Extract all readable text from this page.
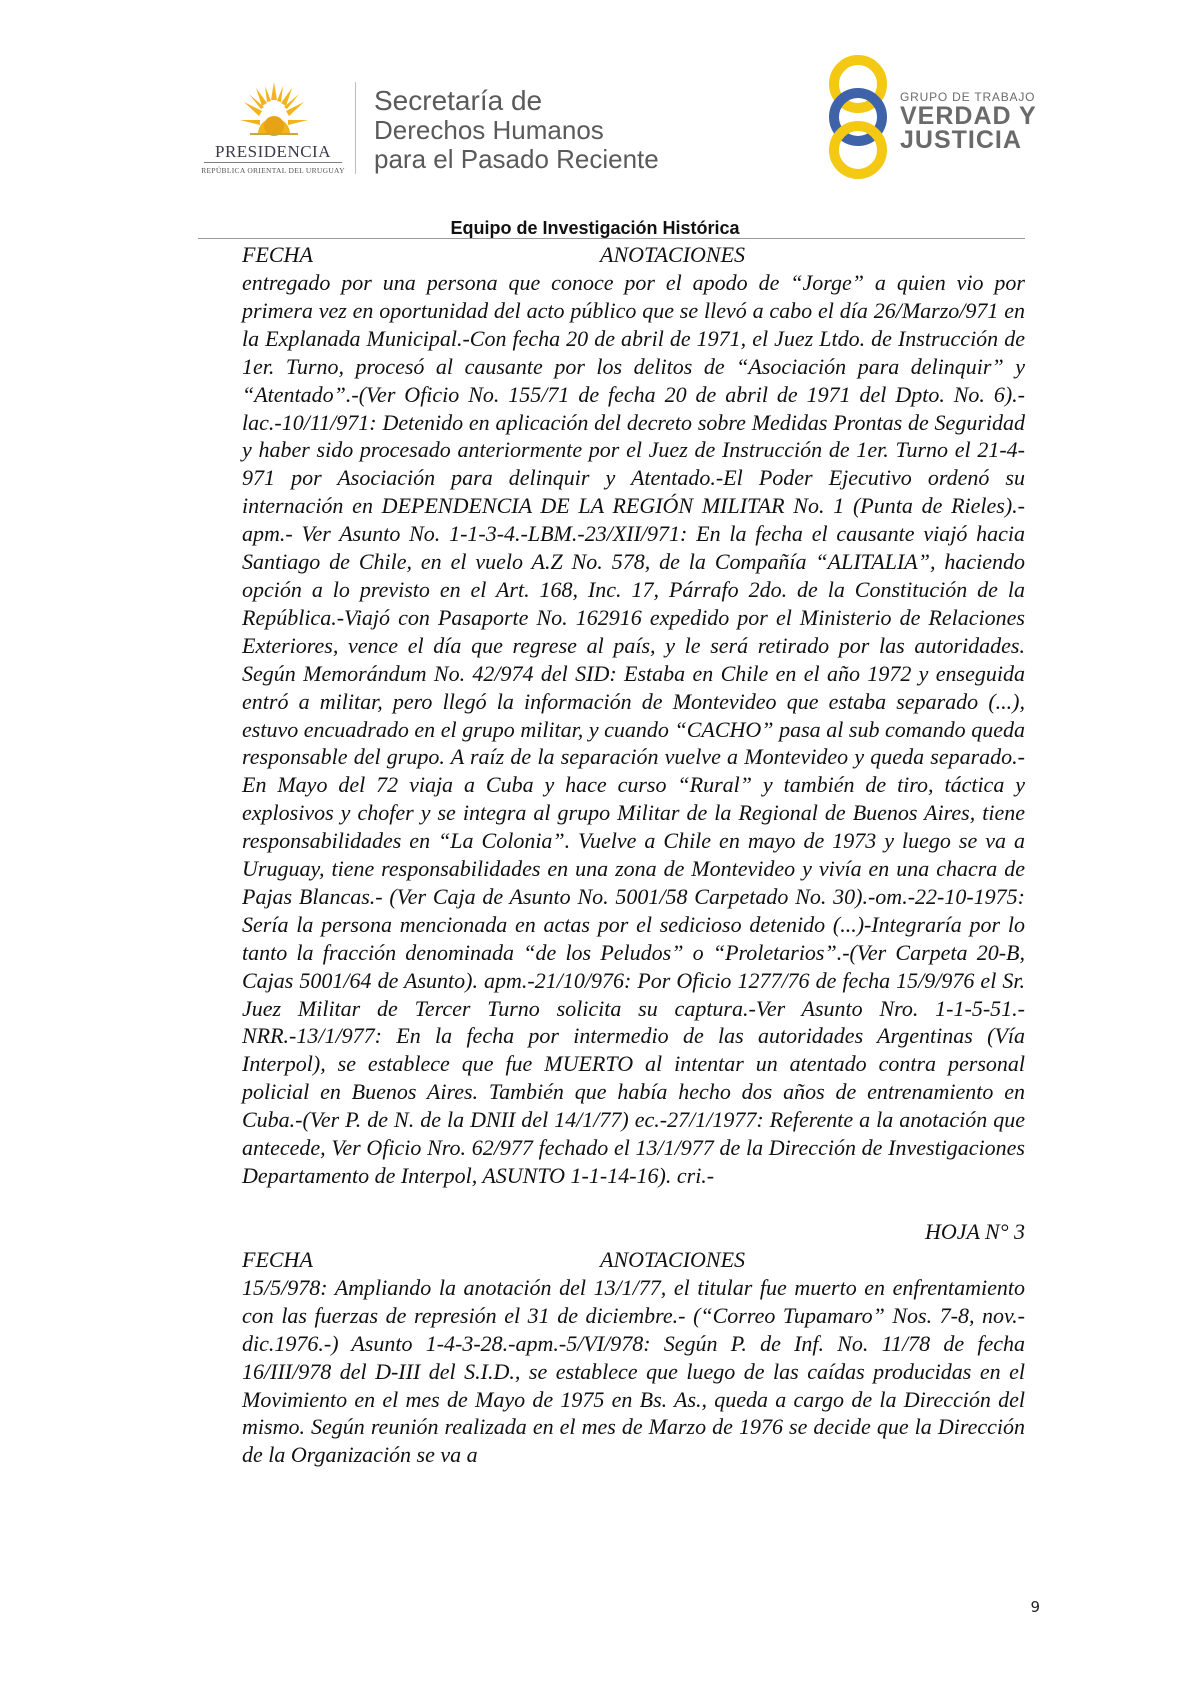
PRESIDENCIA
REPÚBLICA ORIENTAL DEL URUGUAY
Secretaría de
Derechos Humanos
para el Pasado Reciente
GRUPO DE TRABAJO
VERDAD Y
JUSTICIA
Equipo de Investigación Histórica
FECHA	ANOTACIONES

entregado por una persona que conoce por el apodo de “Jorge” a quien vio por primera vez en oportunidad del acto público que se llevó a cabo el día 26/Marzo/971 en la Explanada Municipal.-Con fecha 20 de abril de 1971, el Juez Ltdo. de Instrucción de 1er. Turno, procesó al causante por los delitos de “Asociación para delinquir” y “Atentado”.-(Ver Oficio No. 155/71 de fecha 20 de abril de 1971 del Dpto. No. 6).-lac.-10/11/971: Detenido en aplicación del decreto sobre Medidas Prontas de Seguridad y haber sido procesado anteriormente por el Juez de Instrucción de 1er. Turno el 21-4-971 por Asociación para delinquir y Atentado.-El Poder Ejecutivo ordenó su internación en DEPENDENCIA DE LA REGIÓN MILITAR No. 1 (Punta de Rieles).-apm.- Ver Asunto No. 1-1-3-4.-LBM.-23/XII/971: En la fecha el causante viajó hacia Santiago de Chile, en el vuelo A.Z No. 578, de la Compañía “ALITALIA”, haciendo opción a lo previsto en el Art. 168, Inc. 17, Párrafo 2do. de la Constitución de la República.-Viajó con Pasaporte No. 162916 expedido por el Ministerio de Relaciones Exteriores, vence el día que regrese al país, y le será retirado por las autoridades. Según Memorándum No. 42/974 del SID: Estaba en Chile en el año 1972 y enseguida entró a militar, pero llegó la información de Montevideo que estaba separado (...), estuvo encuadrado en el grupo militar, y cuando “CACHO” pasa al sub comando queda responsable del grupo. A raíz de la separación vuelve a Montevideo y queda separado.-En Mayo del 72 viaja a Cuba y hace curso “Rural” y también de tiro, táctica y explosivos y chofer y se integra al grupo Militar de la Regional de Buenos Aires, tiene responsabilidades en “La Colonia”. Vuelve a Chile en mayo de 1973 y luego se va a Uruguay, tiene responsabilidades en una zona de Montevideo y vivía en una chacra de Pajas Blancas.- (Ver Caja de Asunto No. 5001/58 Carpetado No. 30).-om.-22-10-1975: Sería la persona mencionada en actas por el sedicioso detenido (...)-Integraría por lo tanto la fracción denominada “de los Peludos” o “Proletarios”.-(Ver Carpeta 20-B, Cajas 5001/64 de Asunto). apm.-21/10/976: Por Oficio 1277/76 de fecha 15/9/976 el Sr. Juez Militar de Tercer Turno solicita su captura.-Ver Asunto Nro. 1-1-5-51.-NRR.-13/1/977: En la fecha por intermedio de las autoridades Argentinas (Vía Interpol), se establece que fue MUERTO al intentar un atentado contra personal policial en Buenos Aires. También que había hecho dos años de entrenamiento en Cuba.-(Ver P. de N. de la DNII del 14/1/77) ec.-27/1/1977: Referente a la anotación que antecede, Ver Oficio Nro. 62/977 fechado el 13/1/977 de la Dirección de Investigaciones Departamento de Interpol, ASUNTO 1-1-14-16). cri.-

HOJA N° 3
FECHA	ANOTACIONES

15/5/978: Ampliando la anotación del 13/1/77, el titular fue muerto en enfrentamiento con las fuerzas de represión el 31 de diciembre.- (“Correo Tupamaro” Nos. 7-8, nov.-dic.1976.-) Asunto 1-4-3-28.-apm.-5/VI/978: Según P. de Inf. No. 11/78 de fecha 16/III/978 del D-III del S.I.D., se establece que luego de las caídas producidas en el Movimiento en el mes de Mayo de 1975 en Bs. As., queda a cargo de la Dirección del mismo. Según reunión realizada en el mes de Marzo de 1976 se decide que la Dirección de la Organización se va a

9
